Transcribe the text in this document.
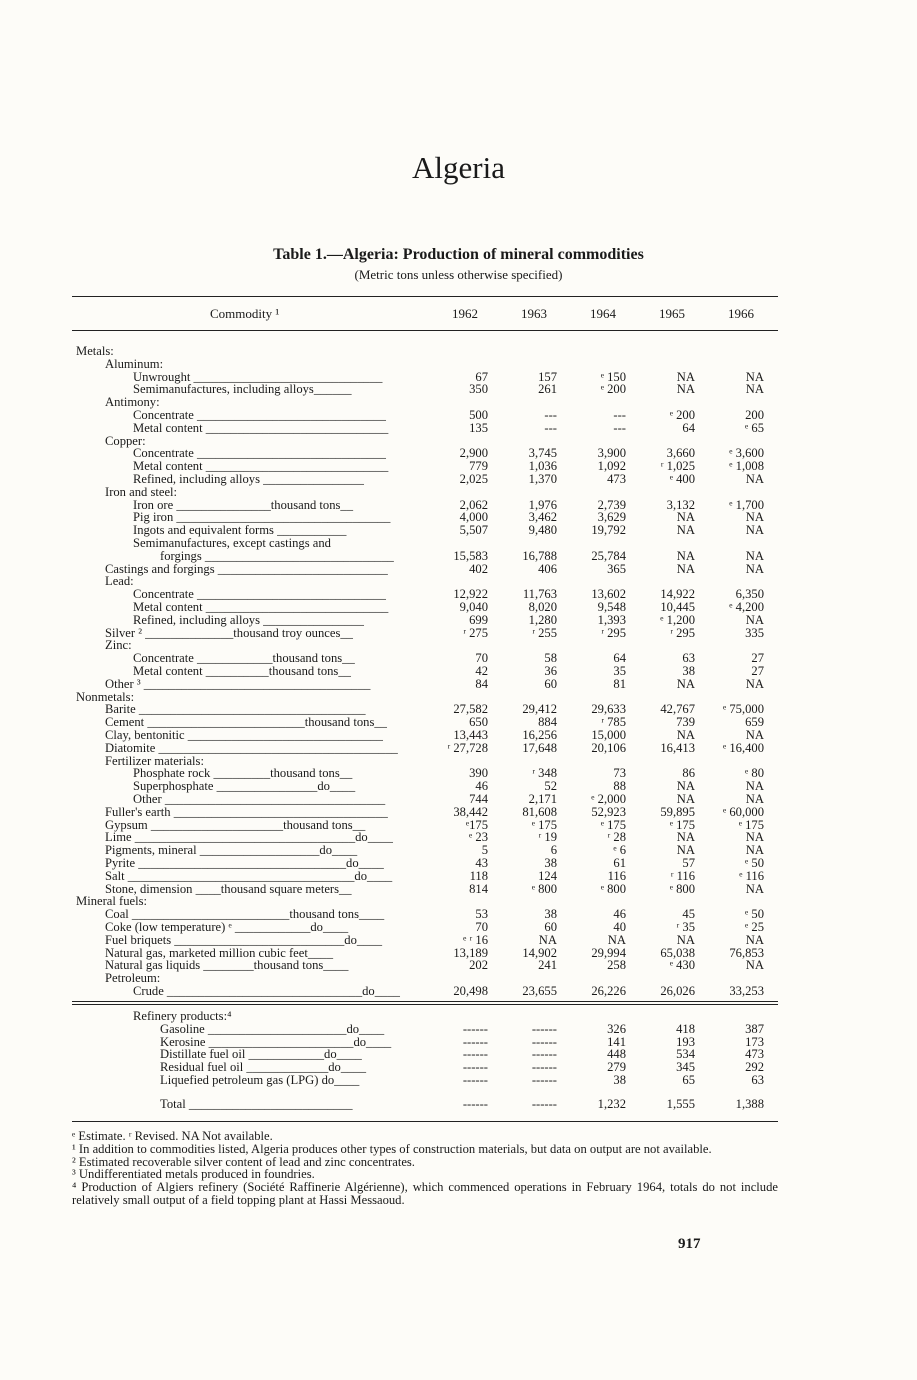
Algeria
Table 1.—Algeria: Production of mineral commodities
(Metric tons unless otherwise specified)
Commodity ¹	1962	1963	1964	1965	1966
Metals:
Aluminum:
Unwrought ______________________________	67	157	ᵉ 150	NA	NA
Semimanufactures, including alloys______	350	261	ᵉ 200	NA	NA
Antimony:
Concentrate ______________________________	500	---	---	ᵉ 200	200
Metal content _____________________________	135	---	---	64	ᵉ 65
Copper:
Concentrate ______________________________	2,900	3,745	3,900	3,660	ᵉ 3,600
Metal content _____________________________	779	1,036	1,092	ʳ 1,025	ᵉ 1,008
Refined, including alloys ________________	2,025	1,370	473	ᵉ 400	NA
Iron and steel:
Iron ore _______________thousand tons__	2,062	1,976	2,739	3,132	ᵉ 1,700
Pig iron __________________________________	4,000	3,462	3,629	NA	NA
Ingots and equivalent forms ___________	5,507	9,480	19,792	NA	NA
Semimanufactures, except castings and
forgings ______________________________	15,583	16,788	25,784	NA	NA
Castings and forgings ___________________________	402	406	365	NA	NA
Lead:
Concentrate ______________________________	12,922	11,763	13,602	14,922	6,350
Metal content _____________________________	9,040	8,020	9,548	10,445	ᵉ 4,200
Refined, including alloys ________________	699	1,280	1,393	ᵉ 1,200	NA
Silver ² ______________thousand troy ounces__	ʳ 275	ʳ 255	ʳ 295	ʳ 295	335
Zinc:
Concentrate ____________thousand tons__	70	58	64	63	27
Metal content __________thousand tons__	42	36	35	38	27
Other ³ ____________________________________	84	60	81	NA	NA
Nonmetals:
Barite ____________________________________	27,582	29,412	29,633	42,767	ᵉ 75,000
Cement _________________________thousand tons__	650	884	ʳ 785	739	659
Clay, bentonitic _______________________________	13,443	16,256	15,000	NA	NA
Diatomite ______________________________________	ʳ 27,728	17,648	20,106	16,413	ᵉ 16,400
Fertilizer materials:
Phosphate rock _________thousand tons__	390	ʳ 348	73	86	ᵉ 80
Superphosphate ________________do____	46	52	88	NA	NA
Other ___________________________________	744	2,171	ᵉ 2,000	NA	NA
Fuller's earth __________________________________	38,442	81,608	52,923	59,895	ᵉ 60,000
Gypsum _____________________thousand tons__	ᵉ175	ᵉ 175	ᵉ 175	ᵉ 175	ᵉ 175
Lime ___________________________________do____	ᵉ 23	ʳ 19	ʳ 28	NA	NA
Pigments, mineral ___________________do____	5	6	ᵉ 6	NA	NA
Pyrite _________________________________do____	43	38	61	57	ᵉ 50
Salt ____________________________________do____	118	124	116	ʳ 116	ᵉ 116
Stone, dimension ____thousand square meters__	814	ᵉ 800	ᵉ 800	ᵉ 800	NA
Mineral fuels:
Coal _________________________thousand tons____	53	38	46	45	ᵉ 50
Coke (low temperature) ᵉ ____________do____	70	60	40	ʳ 35	ᵉ 25
Fuel briquets ___________________________do____	ᵉ ʳ 16	NA	NA	NA	NA
Natural gas, marketed million cubic feet____	13,189	14,902	29,994	65,038	76,853
Natural gas liquids ________thousand tons____	202	241	258	ᵉ 430	NA
Petroleum:
Crude _______________________________do____	20,498	23,655	26,226	26,026	33,253
Refinery products:⁴
Gasoline ______________________do____	------	------	326	418	387
Kerosine _______________________do____	------	------	141	193	173
Distillate fuel oil ____________do____	------	------	448	534	473
Residual fuel oil _____________do____	------	------	279	345	292
Liquefied petroleum gas (LPG) do____	------	------	38	65	63
Total __________________________	------	------	1,232	1,555	1,388
ᵉ Estimate. ʳ Revised. NA Not available.
¹ In addition to commodities listed, Algeria produces other types of construction materials, but data on output are not available.
² Estimated recoverable silver content of lead and zinc concentrates.
³ Undifferentiated metals produced in foundries.
⁴ Production of Algiers refinery (Société Raffinerie Algérienne), which commenced operations in February 1964, totals do not include relatively small output of a field topping plant at Hassi Messaoud.
917
